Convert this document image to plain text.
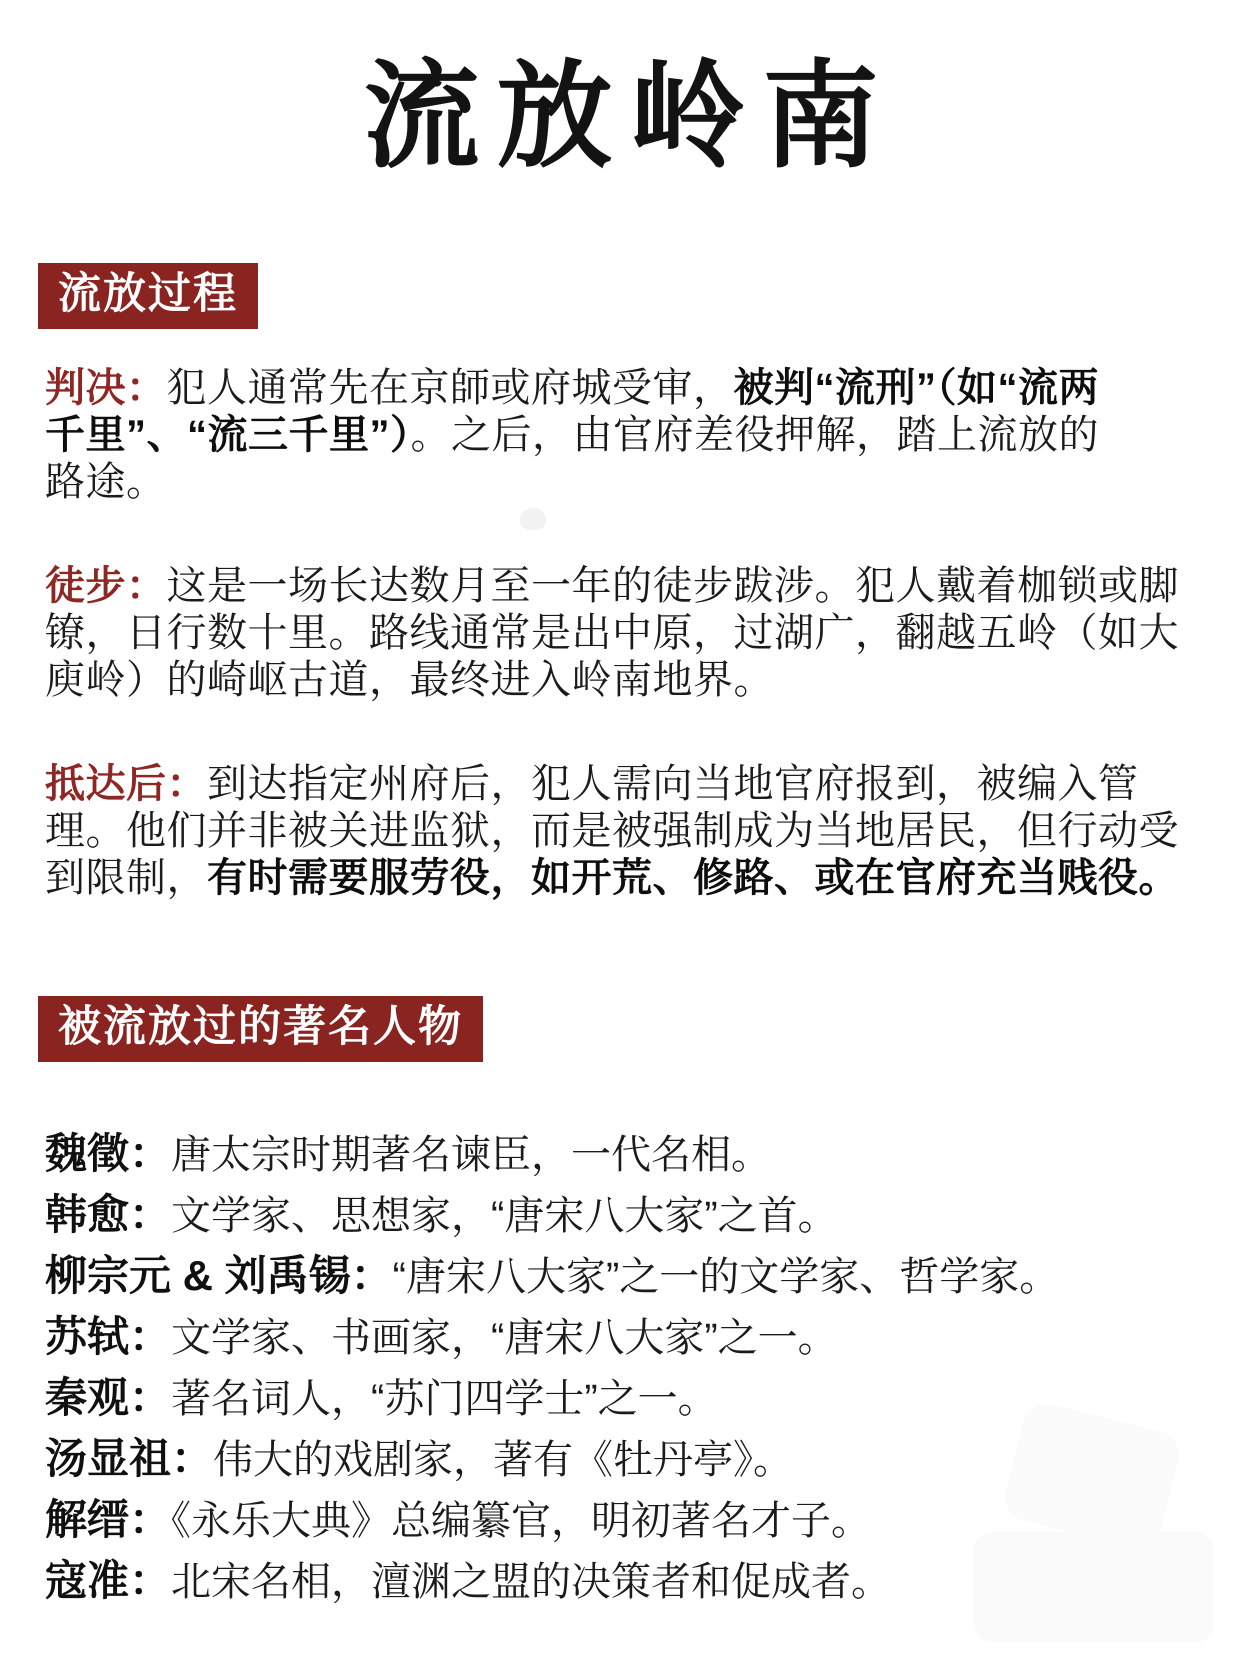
流放岭南
流放过程
判决：犯人通常先在京師或府城受审，被判“流刑”（如“流两
千里”、“流三千里”）。之后，由官府差役押解，踏上流放的
路途。
徒步：这是一场长达数月至一年的徒步跋涉。犯人戴着枷锁或脚
镣，日行数十里。路线通常是出中原，过湖广，翻越五岭（如大
庾岭）的崎岖古道，最终进入岭南地界。
抵达后：到达指定州府后，犯人需向当地官府报到，被编入管
理。他们并非被关进监狱，而是被强制成为当地居民，但行动受
到限制，有时需要服劳役，如开荒、修路、或在官府充当贱役。
被流放过的著名人物
魏徵：唐太宗时期著名谏臣，一代名相。
韩愈：文学家、思想家，“唐宋八大家”之首。
柳宗元 & 刘禹锡：“唐宋八大家”之一的文学家、哲学家。
苏轼：文学家、书画家，“唐宋八大家”之一。
秦观：著名词人，“苏门四学士”之一。
汤显祖：伟大的戏剧家，著有《牡丹亭》。
解缙：《永乐大典》总编纂官，明初著名才子。
寇准：北宋名相，澶渊之盟的决策者和促成者。
